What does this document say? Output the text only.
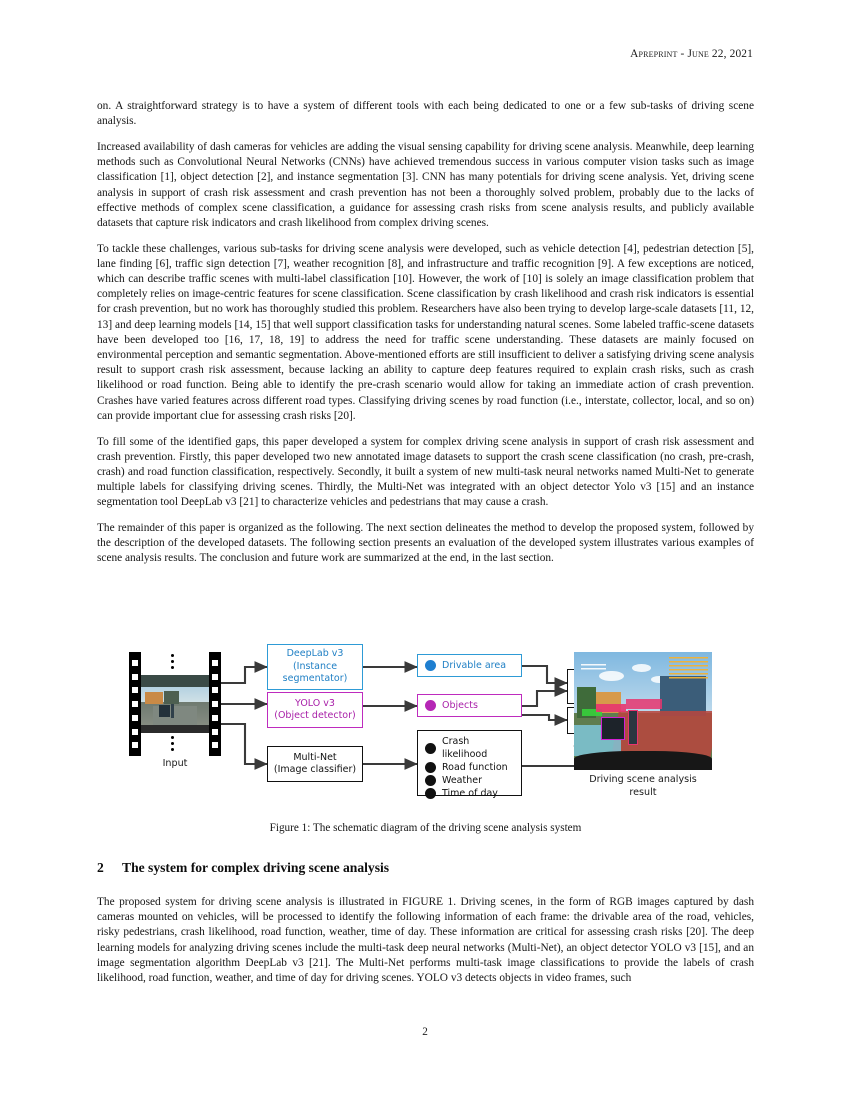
Apreprint - June 22, 2021

on. A straightforward strategy is to have a system of different tools with each being dedicated to one or a few sub-tasks of driving scene analysis.

Increased availability of dash cameras for vehicles are adding the visual sensing capability for driving scene analysis. Meanwhile, deep learning methods such as Convolutional Neural Networks (CNNs) have achieved tremendous success in various computer vision tasks such as image classification [1], object detection [2], and instance segmentation [3]. CNN has many potentials for driving scene analysis. Yet, driving scene analysis in support of crash risk assessment and crash prevention has not been a thoroughly solved problem, probably due to the lacks of effective methods of complex scene classification, a guidance for assessing crash risks from scene analysis results, and publicly available datasets that capture risk indicators and crash likelihood from complex driving scenes.

To tackle these challenges, various sub-tasks for driving scene analysis were developed, such as vehicle detection [4], pedestrian detection [5], lane finding [6], traffic sign detection [7], weather recognition [8], and infrastructure and traffic recognition [9]. A few exceptions are noticed, which can describe traffic scenes with multi-label classification [10]. However, the work of [10] is solely an image classification problem that completely relies on image-centric features for scene classification. Scene classification by crash likelihood and crash risk indicators is essential for crash prevention, but no work has thoroughly studied this problem. Researchers have also been trying to develop large-scale datasets [11, 12, 13] and deep learning models [14, 15] that well support classification tasks for understanding natural scenes. Some labeled traffic-scene datasets have been developed too [16, 17, 18, 19] to address the need for traffic scene understanding. These datasets are mainly focused on environmental perception and semantic segmentation. Above-mentioned efforts are still insufficient to deliver a satisfying driving scene analysis result to support crash risk assessment, because lacking an ability to capture deep features required to explain crash risks, such as crash likelihood or road function. Being able to identify the pre-crash scenario would allow for taking an immediate action of crash prevention. Crashes have varied features across different road types. Classifying driving scenes by road function (i.e., interstate, collector, local, and so on) can provide important clue for assessing crash risks [20].

To fill some of the identified gaps, this paper developed a system for complex driving scene analysis in support of crash risk assessment and crash prevention. Firstly, this paper developed two new annotated image datasets to support the crash scene classification (no crash, pre-crash, crash) and road function classification, respectively. Secondly, it built a system of new multi-task neural networks named Multi-Net to generate multiple labels for classifying driving scenes. Thirdly, the Multi-Net was integrated with an object detector Yolo v3 [15] and an instance segmentation tool DeepLab v3 [21] to characterize vehicles and pedestrians that may cause a crash.

The remainder of this paper is organized as the following. The next section delineates the method to develop the proposed system, followed by the description of the developed datasets. The following section presents an evaluation of the developed system illustrates various examples of scene analysis results. The conclusion and future work are summarized at the end, in the last section.

Input
DeepLab v3
(Instance
segmentator)
YOLO v3
(Object detector)
Multi-Net
(Image classifier)
Drivable area
Objects
Crash likelihood
Road function
Weather
Time of day
Driving scene analysis
result
Figure 1: The schematic diagram of the driving scene analysis system
2 The system for complex driving scene analysis

The proposed system for driving scene analysis is illustrated in FIGURE 1. Driving scenes, in the form of RGB images captured by dash cameras mounted on vehicles, will be processed to identify the following information of each frame: the drivable area of the road, vehicles, risky pedestrians, crash likelihood, road function, weather, time of day. These information are critical for assessing crash risks [20]. The deep learning models for analyzing driving scenes include the multi-task deep neural networks (Multi-Net), an object detector YOLO v3 [15], and an image segmentation algorithm DeepLab v3 [21]. The Multi-Net performs multi-task image classifications to provide the labels of crash likelihood, road function, weather, and time of day for driving scenes. YOLO v3 detects objects in video frames, such

2
